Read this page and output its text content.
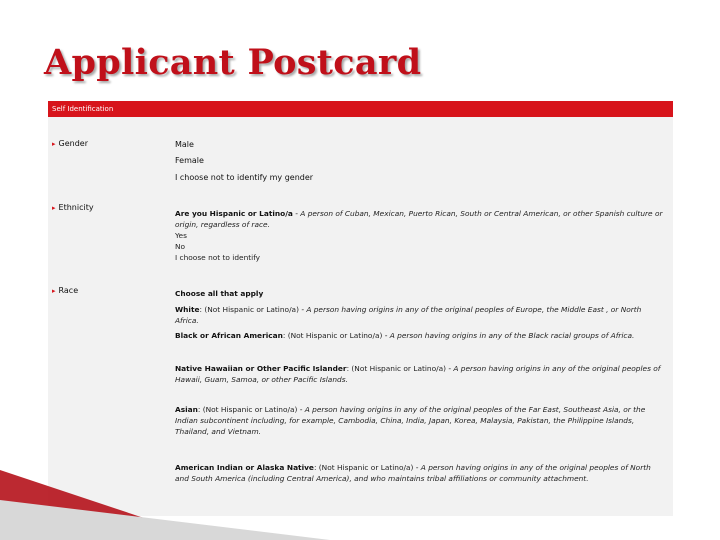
Applicant Postcard
Self Identification
▸ Gender	Male
Female
I choose not to identify my gender
▸ Ethnicity
Are you Hispanic or Latino/a - A person of Cuban, Mexican, Puerto Rican, South or Central American, or other Spanish culture or origin, regardless of race.
Yes
No
I choose not to identify
▸ Race	Choose all that apply
White: (Not Hispanic or Latino/a) - A person having origins in any of the original peoples of Europe, the Middle East , or North Africa.
Black or African American: (Not Hispanic or Latino/a) - A person having origins in any of the Black racial groups of Africa.
Native Hawaiian or Other Pacific Islander: (Not Hispanic or Latino/a) - A person having origins in any of the original peoples of Hawaii, Guam, Samoa, or other Pacific Islands.
Asian: (Not Hispanic or Latino/a) - A person having origins in any of the original peoples of the Far East, Southeast Asia, or the Indian subcontinent including, for example, Cambodia, China, India, Japan, Korea, Malaysia, Pakistan, the Philippine Islands, Thailand, and Vietnam.
American Indian or Alaska Native: (Not Hispanic or Latino/a) - A person having origins in any of the original peoples of North and South America (including Central America), and who maintains tribal affiliations or community attachment.
